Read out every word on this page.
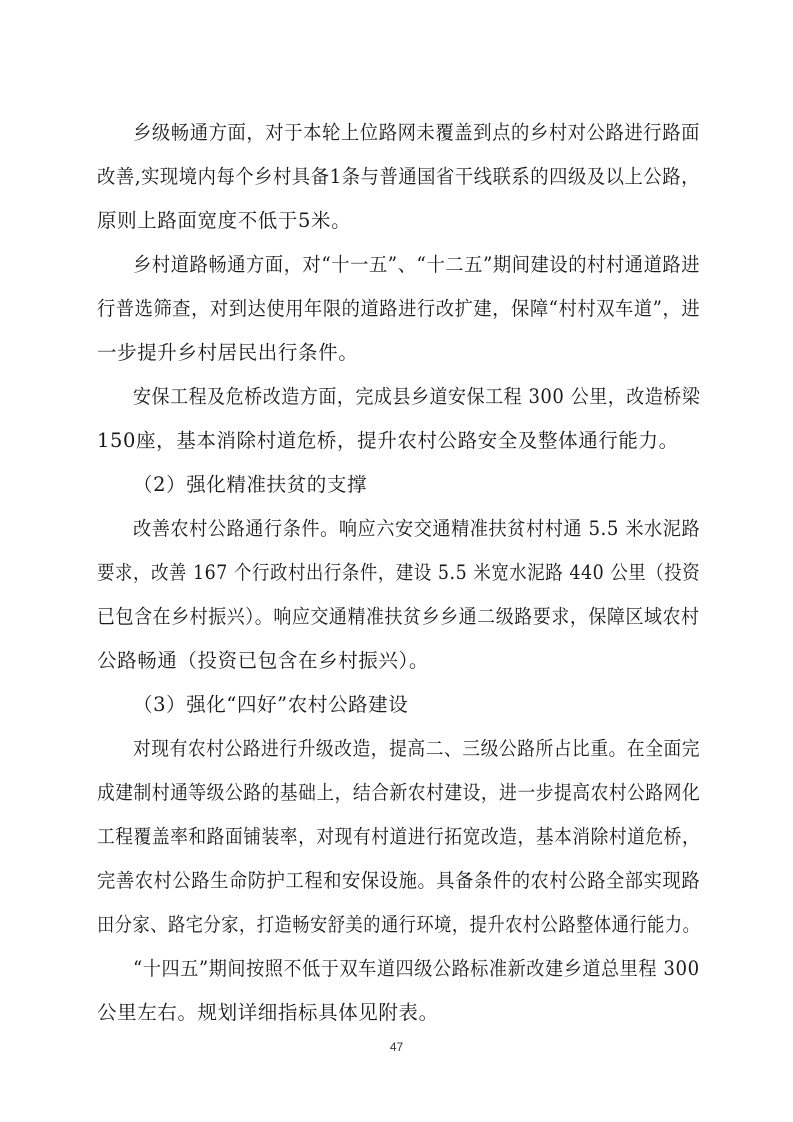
乡级畅通方面，对于本轮上位路网未覆盖到点的乡村对公路进行路面
改善,实现境内每个乡村具备1条与普通国省干线联系的四级及以上公路，
原则上路面宽度不低于5米。
乡村道路畅通方面，对“十一五”、“十二五”期间建设的村村通道路进
行普选筛查，对到达使用年限的道路进行改扩建，保障“村村双车道”，进
一步提升乡村居民出行条件。
安保工程及危桥改造方面，完成县乡道安保工程 300 公里，改造桥梁
150座，基本消除村道危桥，提升农村公路安全及整体通行能力。
（2）强化精准扶贫的支撑
改善农村公路通行条件。响应六安交通精准扶贫村村通 5.5 米水泥路
要求，改善 167 个行政村出行条件，建设 5.5 米宽水泥路 440 公里（投资
已包含在乡村振兴）。响应交通精准扶贫乡乡通二级路要求，保障区域农村
公路畅通（投资已包含在乡村振兴）。
（3）强化“四好”农村公路建设
对现有农村公路进行升级改造，提高二、三级公路所占比重。在全面完
成建制村通等级公路的基础上，结合新农村建设，进一步提高农村公路网化
工程覆盖率和路面铺装率，对现有村道进行拓宽改造，基本消除村道危桥，
完善农村公路生命防护工程和安保设施。具备条件的农村公路全部实现路
田分家、路宅分家，打造畅安舒美的通行环境，提升农村公路整体通行能力。
“十四五”期间按照不低于双车道四级公路标准新改建乡道总里程 300
公里左右。规划详细指标具体见附表。
47
